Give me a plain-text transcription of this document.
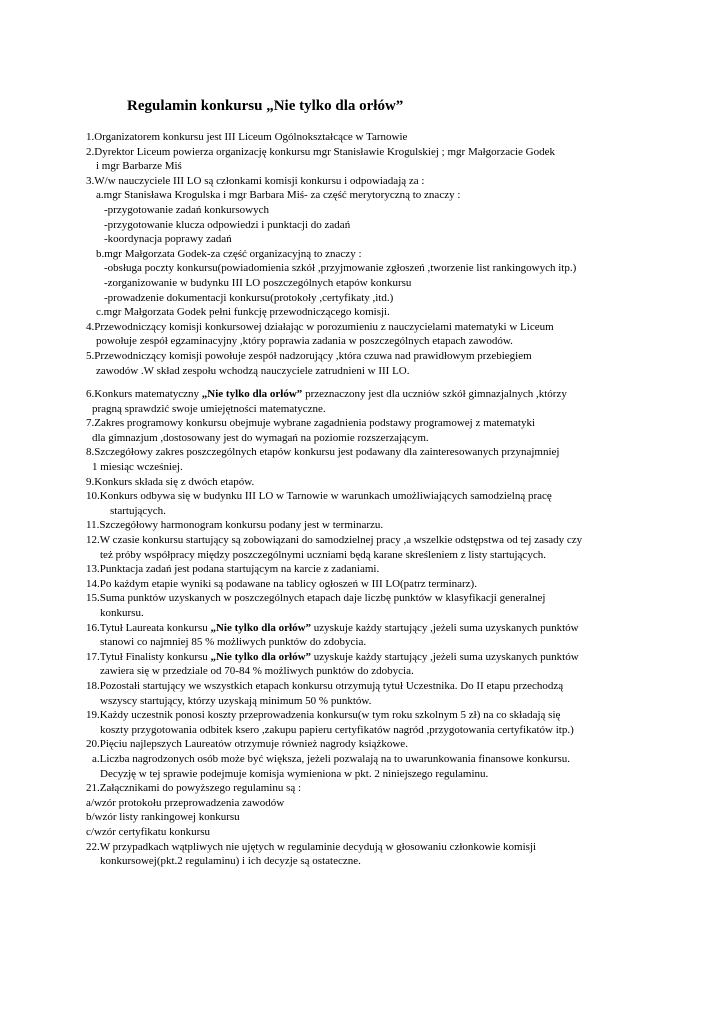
Regulamin konkursu „Nie tylko dla orłów”
1.Organizatorem konkursu jest III Liceum Ogólnokształcące w Tarnowie
2.Dyrektor Liceum powierza organizację konkursu mgr Stanisławie Krogulskiej ; mgr Małgorzacie Godek
i mgr Barbarze Miś
3.W/w nauczyciele III LO są członkami komisji konkursu i odpowiadają za :
a.mgr Stanisława Krogulska i mgr Barbara Miś- za część merytoryczną to znaczy :
-przygotowanie zadań konkursowych
-przygotowanie klucza odpowiedzi i punktacji do zadań
-koordynacja poprawy zadań
b.mgr Małgorzata Godek-za część organizacyjną to znaczy :
-obsługa poczty konkursu(powiadomienia szkół ,przyjmowanie zgłoszeń ,tworzenie list rankingowych itp.)
-zorganizowanie w budynku III LO poszczególnych etapów konkursu
-prowadzenie dokumentacji konkursu(protokoły ,certyfikaty ,itd.)
c.mgr Małgorzata Godek pełni funkcję przewodniczącego komisji.
4.Przewodniczący komisji konkursowej działając w porozumieniu z nauczycielami matematyki w Liceum
powołuje zespół egzaminacyjny ,który poprawia zadania w poszczególnych etapach zawodów.
5.Przewodniczący komisji powołuje zespół nadzorujący ,która czuwa nad prawidłowym przebiegiem
zawodów .W skład zespołu wchodzą nauczyciele zatrudnieni w III LO.
6.Konkurs matematyczny „Nie tylko dla orłów” przeznaczony jest dla uczniów szkół gimnazjalnych ,którzy
pragną sprawdzić swoje umiejętności matematyczne.
7.Zakres programowy konkursu obejmuje wybrane zagadnienia podstawy programowej z matematyki
dla gimnazjum ,dostosowany jest do wymagań na poziomie rozszerzającym.
8.Szczegółowy zakres poszczególnych etapów konkursu jest podawany dla zainteresowanych przynajmniej
1 miesiąc wcześniej.
9.Konkurs składa się z dwóch etapów.
10.Konkurs odbywa się w budynku III LO w Tarnowie w warunkach umożliwiających samodzielną pracę
startujących.
11.Szczegółowy harmonogram konkursu podany jest w terminarzu.
12.W czasie konkursu startujący są zobowiązani do samodzielnej pracy ,a wszelkie odstępstwa od tej zasady czy
też próby współpracy między poszczególnymi uczniami będą karane skreśleniem z listy startujących.
13.Punktacja zadań jest podana startującym na karcie z zadaniami.
14.Po każdym etapie wyniki są podawane na tablicy ogłoszeń w III LO(patrz terminarz).
15.Suma punktów uzyskanych w poszczególnych etapach daje liczbę punktów w klasyfikacji generalnej
konkursu.
16.Tytuł Laureata konkursu „Nie tylko dla orłów” uzyskuje każdy startujący ,jeżeli suma uzyskanych punktów
stanowi co najmniej 85 % możliwych punktów do zdobycia.
17.Tytuł Finalisty konkursu „Nie tylko dla orłów” uzyskuje każdy startujący ,jeżeli suma uzyskanych punktów
zawiera się w przedziale od 70-84 % możliwych punktów do zdobycia.
18.Pozostałi startujący we wszystkich etapach konkursu otrzymują tytuł Uczestnika. Do II etapu przechodzą
wszyscy startujący, którzy uzyskają minimum 50 % punktów.
19.Każdy uczestnik ponosi koszty przeprowadzenia konkursu(w tym roku szkolnym 5 zł) na co składają się
koszty przygotowania odbitek ksero ,zakupu papieru certyfikatów nagród ,przygotowania certyfikatów itp.)
20.Pięciu najlepszych Laureatów otrzymuje również nagrody książkowe.
a.Liczba nagrodzonych osób może być większa, jeżeli pozwalają na to uwarunkowania finansowe konkursu.
Decyzję w tej sprawie podejmuje komisja wymieniona w pkt. 2 niniejszego regulaminu.
21.Załącznikami do powyższego regulaminu są :
a/wzór protokołu przeprowadzenia zawodów
b/wzór listy rankingowej konkursu
c/wzór certyfikatu konkursu
22.W przypadkach wątpliwych nie ujętych w regulaminie decydują w głosowaniu członkowie komisji
konkursowej(pkt.2 regulaminu) i ich decyzje są ostateczne.
